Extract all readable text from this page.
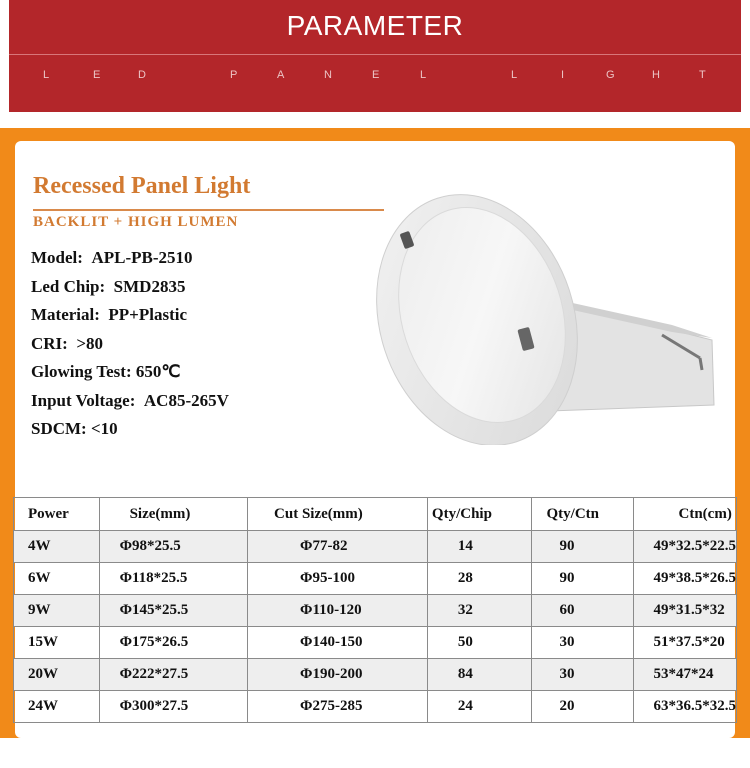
PARAMETER
L	E	D	P	A	N	E	L	L	I	G	H	T
Recessed Panel Light
BACKLIT + HIGH LUMEN
Model: APL-PB-2510
Led Chip: SMD2835
Material: PP+Plastic
CRI: >80
Glowing Test: 650℃
Input Voltage: AC85-265V
SDCM: <10
Power	Size(mm)	Cut Size(mm)	Qty/Chip	Qty/Ctn	Ctn(cm)
4W	Φ98*25.5	Φ77-82	14	90	49*32.5*22.5
6W	Φ118*25.5	Φ95-100	28	90	49*38.5*26.5
9W	Φ145*25.5	Φ110-120	32	60	49*31.5*32
15W	Φ175*26.5	Φ140-150	50	30	51*37.5*20
20W	Φ222*27.5	Φ190-200	84	30	53*47*24
24W	Φ300*27.5	Φ275-285	24	20	63*36.5*32.5
